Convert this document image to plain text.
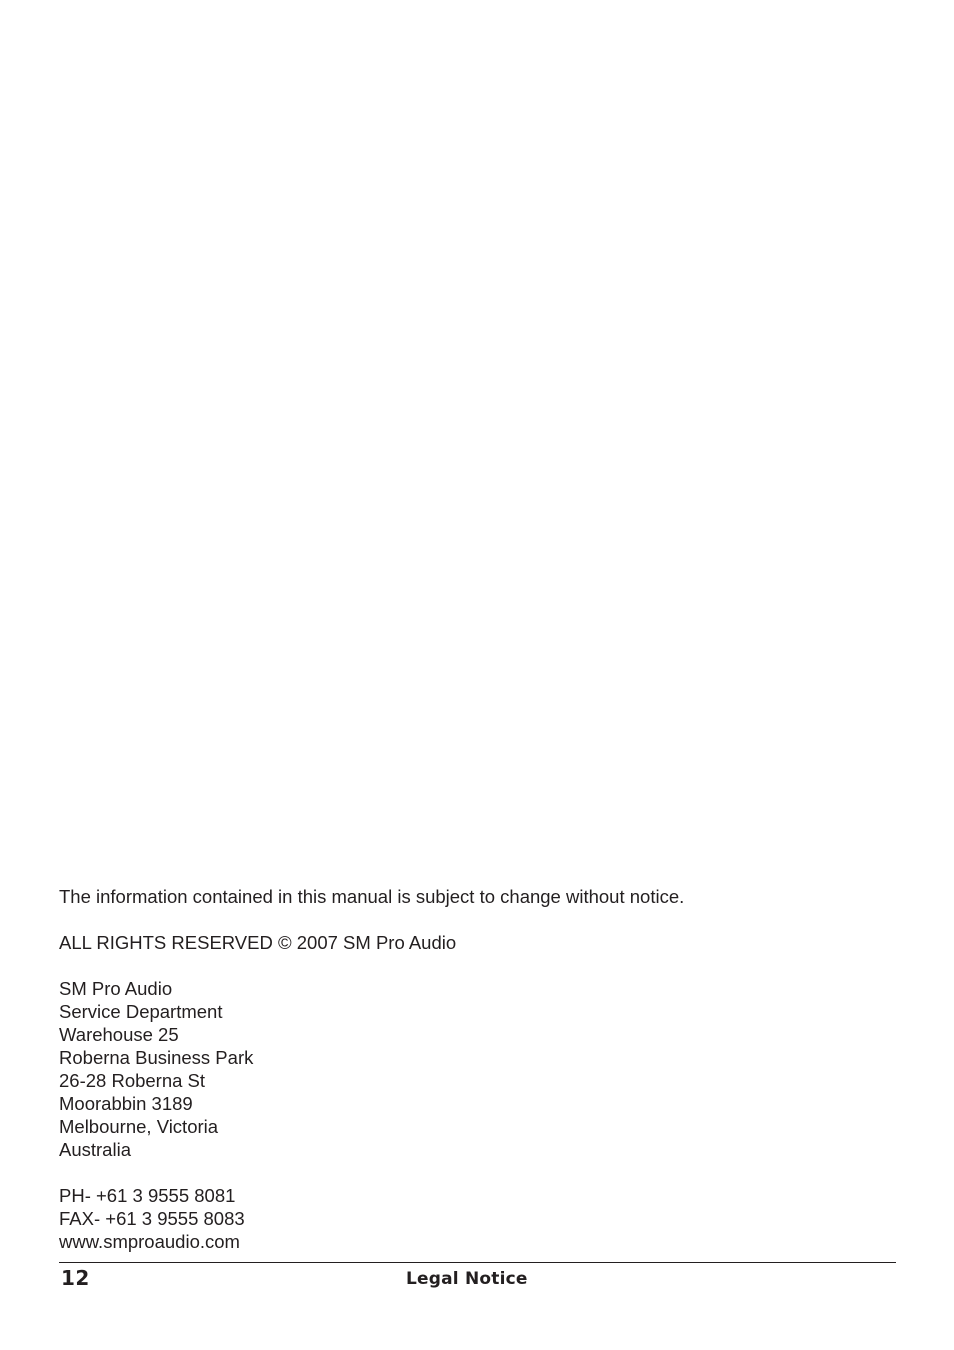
The information contained in this manual is subject to change without notice.

ALL RIGHTS RESERVED © 2007 SM Pro Audio

SM Pro Audio
Service Department
Warehouse 25
Roberna Business Park
26-28 Roberna St
Moorabbin 3189
Melbourne, Victoria
Australia
PH- +61 3 9555 8081
FAX- +61 3 9555 8083
www.smproaudio.com
12	Legal Notice
